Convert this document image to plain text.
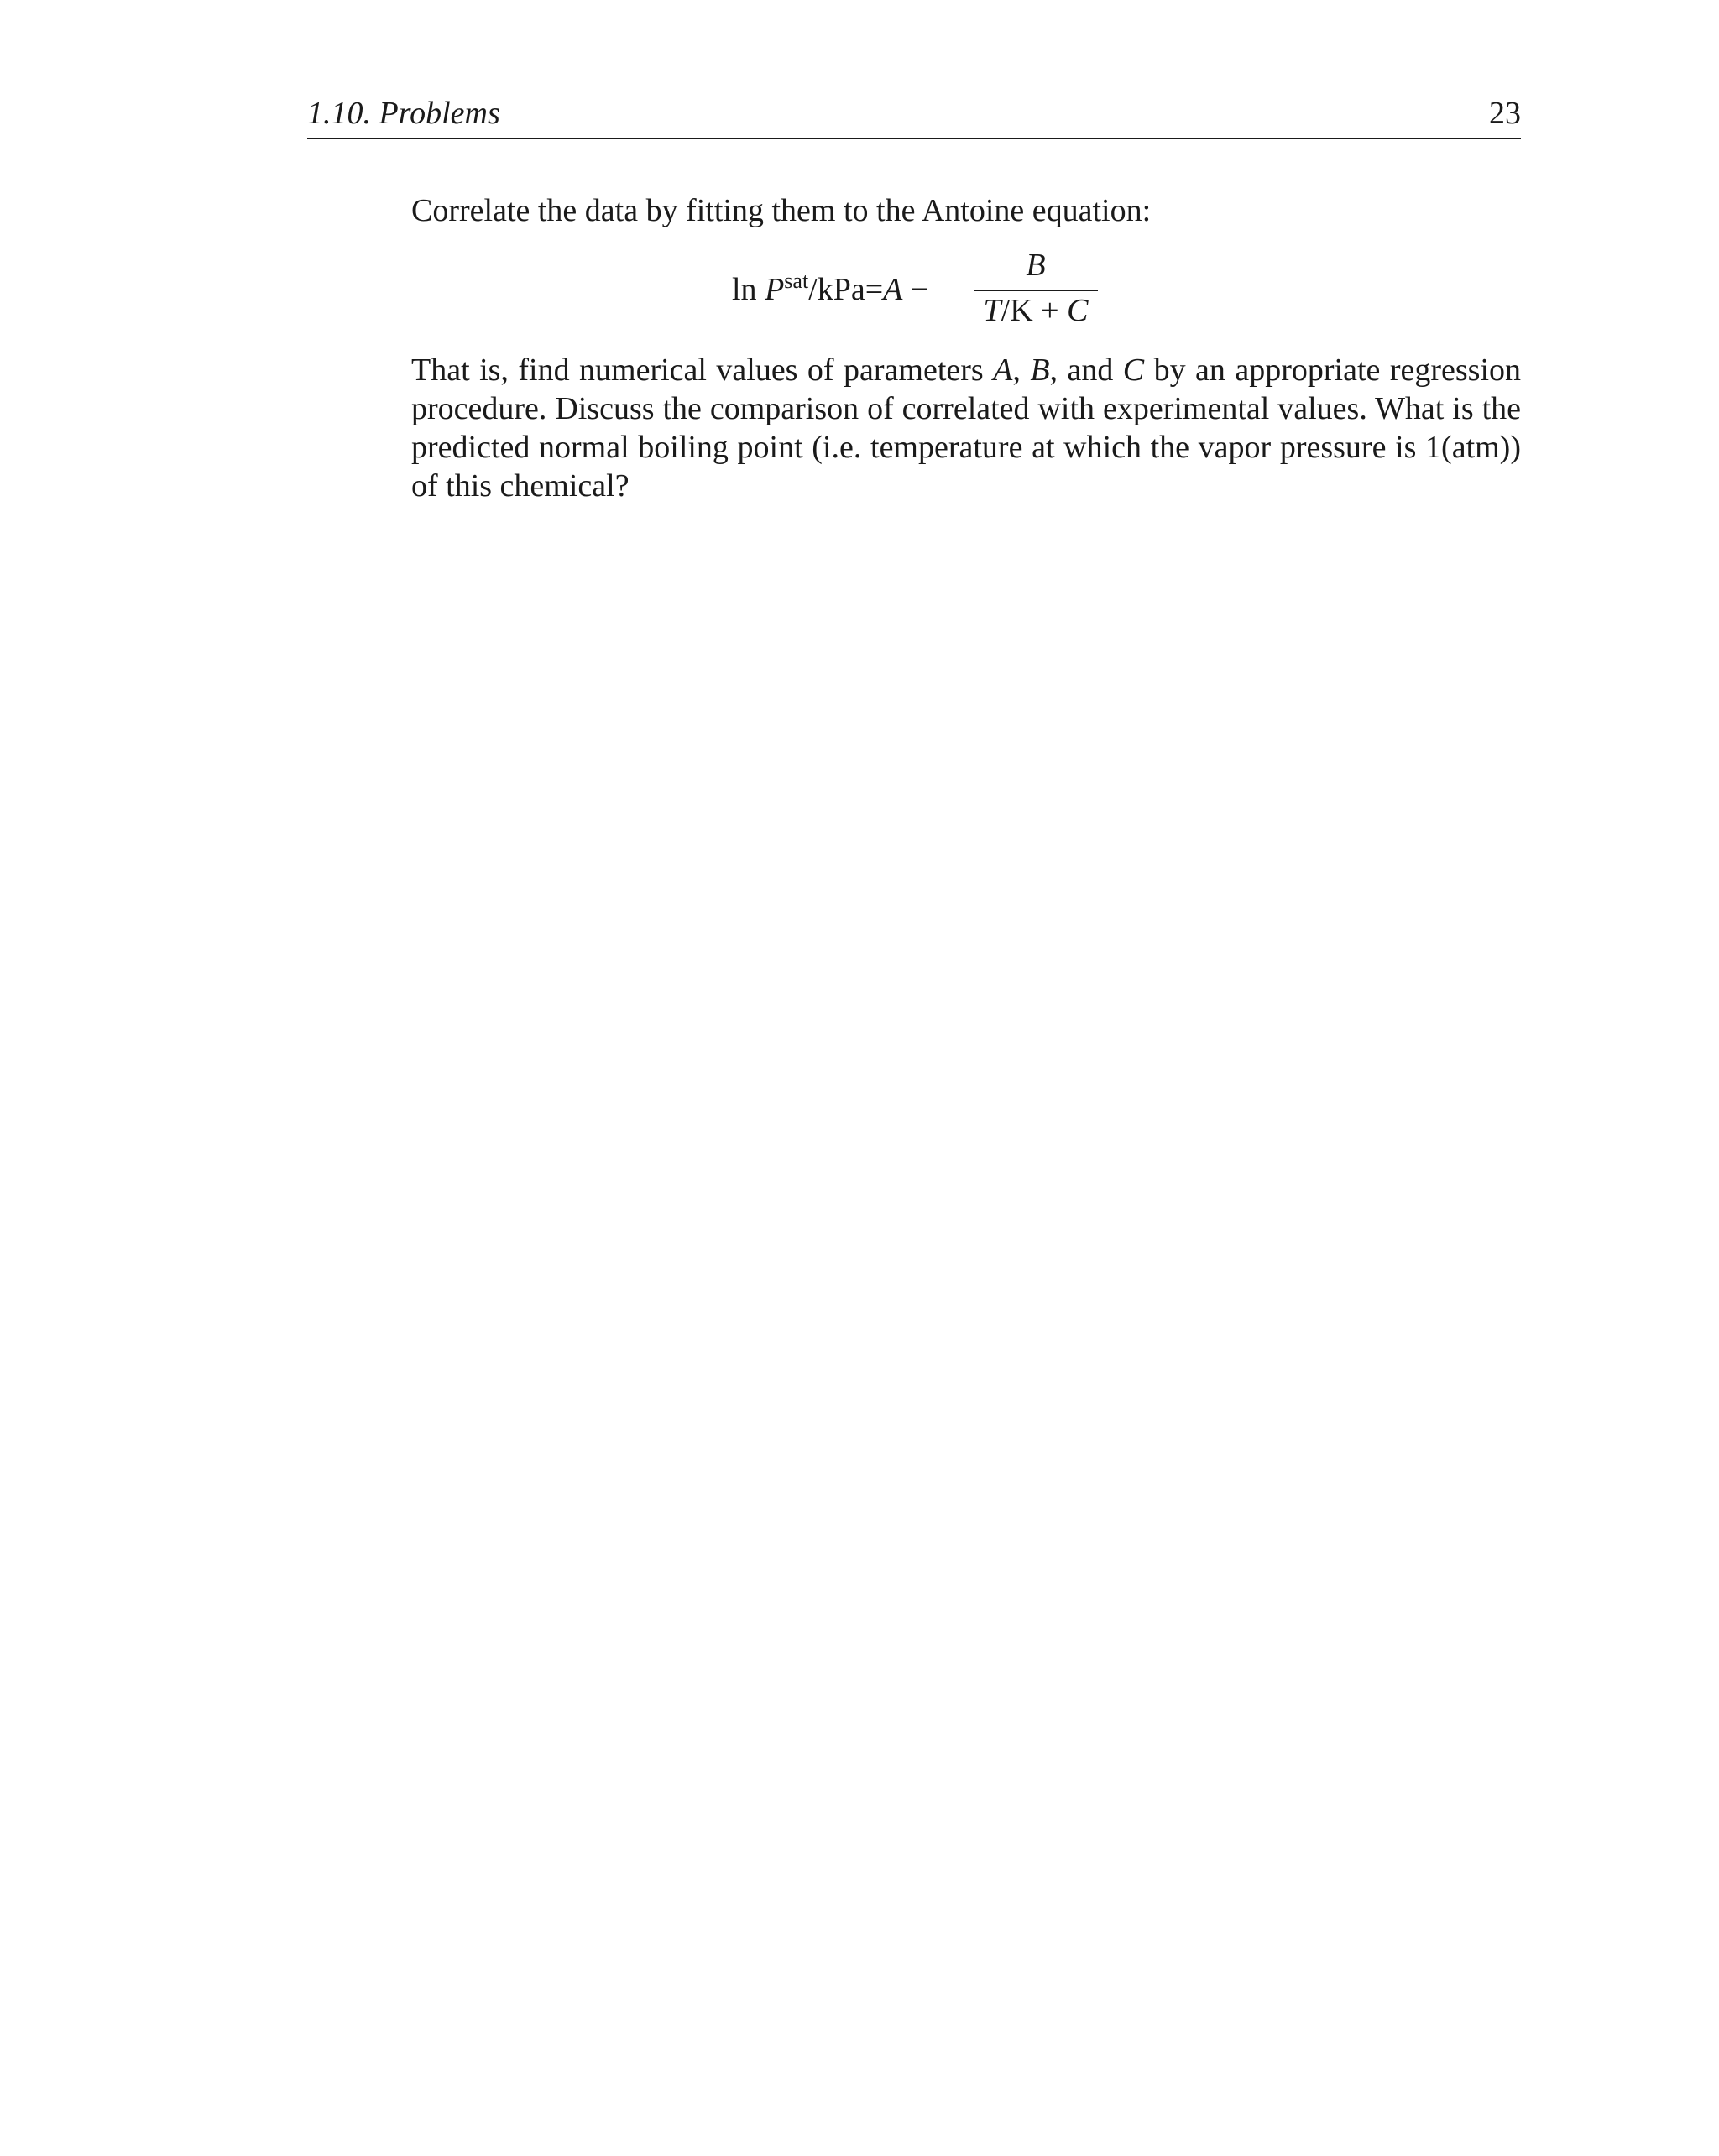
1.10. Problems	23
Correlate the data by fitting them to the Antoine equation:
$\ln P^{sat}/kPa=A$ −
B
T/K + C
That is, find numerical values of parameters A, B, and C by an appropriate regression procedure. Discuss the comparison of correlated with experimental values. What is the predicted normal boiling point (i.e. temperature at which the vapor pressure is 1(atm)) of this chemical?
